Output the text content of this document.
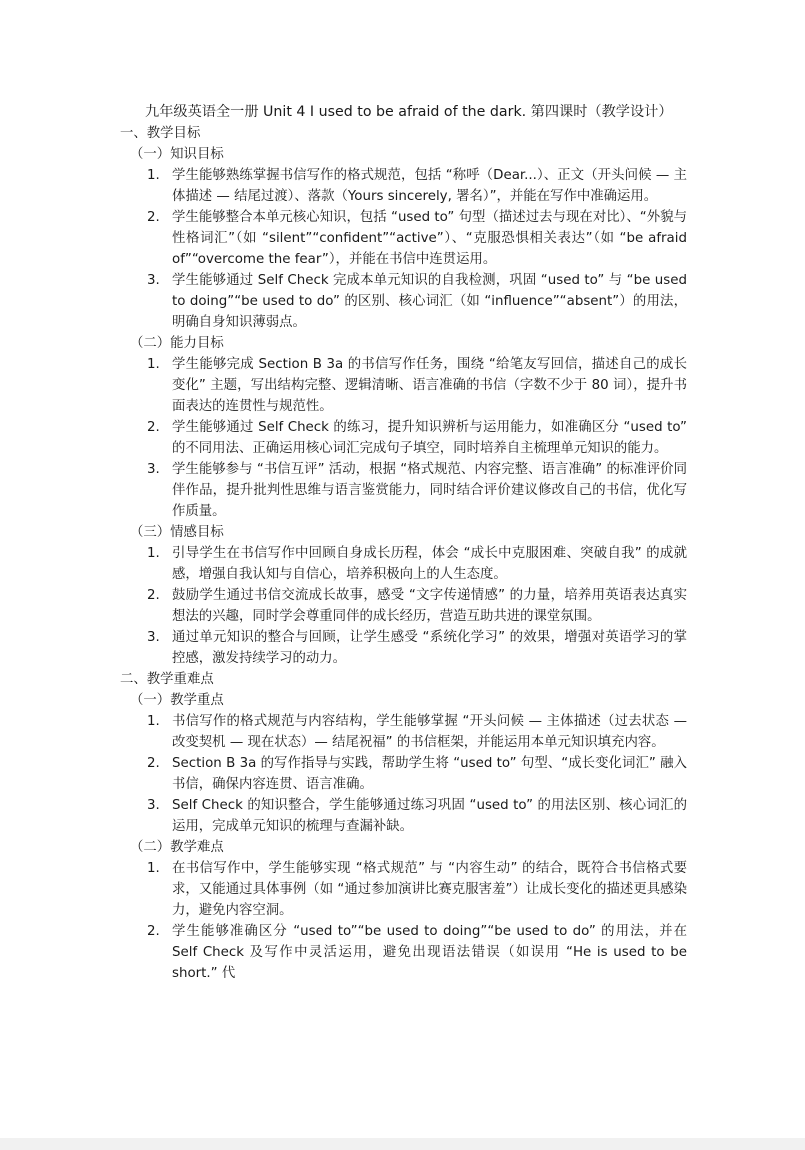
九年级英语全一册 Unit 4 I used to be afraid of the dark. 第四课时（教学设计）
一、教学目标
（一）知识目标
1. 学生能够熟练掌握书信写作的格式规范，包括 “称呼（Dear...）、正文（开头问候 — 主体描述 — 结尾过渡）、落款（Yours sincerely, 署名）”，并能在写作中准确运用。
2. 学生能够整合本单元核心知识，包括 “used to” 句型（描述过去与现在对比）、“外貌与性格词汇”（如 “silent”“confident”“active”）、“克服恐惧相关表达”（如 “be afraid of”“overcome the fear”），并能在书信中连贯运用。
3. 学生能够通过 Self Check 完成本单元知识的自我检测，巩固 “used to” 与 “be used to doing”“be used to do” 的区别、核心词汇（如 “influence”“absent”）的用法，明确自身知识薄弱点。
（二）能力目标
1. 学生能够完成 Section B 3a 的书信写作任务，围绕 “给笔友写回信，描述自己的成长变化” 主题，写出结构完整、逻辑清晰、语言准确的书信（字数不少于 80 词），提升书面表达的连贯性与规范性。
2. 学生能够通过 Self Check 的练习，提升知识辨析与运用能力，如准确区分 “used to” 的不同用法、正确运用核心词汇完成句子填空，同时培养自主梳理单元知识的能力。
3. 学生能够参与 “书信互评” 活动，根据 “格式规范、内容完整、语言准确” 的标准评价同伴作品，提升批判性思维与语言鉴赏能力，同时结合评价建议修改自己的书信，优化写作质量。
（三）情感目标
1. 引导学生在书信写作中回顾自身成长历程，体会 “成长中克服困难、突破自我” 的成就感，增强自我认知与自信心，培养积极向上的人生态度。
2. 鼓励学生通过书信交流成长故事，感受 “文字传递情感” 的力量，培养用英语表达真实想法的兴趣，同时学会尊重同伴的成长经历，营造互助共进的课堂氛围。
3. 通过单元知识的整合与回顾，让学生感受 “系统化学习” 的效果，增强对英语学习的掌控感，激发持续学习的动力。
二、教学重难点
（一）教学重点
1. 书信写作的格式规范与内容结构，学生能够掌握 “开头问候 — 主体描述（过去状态 — 改变契机 — 现在状态）— 结尾祝福” 的书信框架，并能运用本单元知识填充内容。
2. Section B 3a 的写作指导与实践，帮助学生将 “used to” 句型、“成长变化词汇” 融入书信，确保内容连贯、语言准确。
3. Self Check 的知识整合，学生能够通过练习巩固 “used to” 的用法区别、核心词汇的运用，完成单元知识的梳理与查漏补缺。
（二）教学难点
1. 在书信写作中，学生能够实现 “格式规范” 与 “内容生动” 的结合，既符合书信格式要求，又能通过具体事例（如 “通过参加演讲比赛克服害羞”）让成长变化的描述更具感染力，避免内容空洞。
2. 学生能够准确区分 “used to”“be used to doing”“be used to do” 的用法，并在 Self Check 及写作中灵活运用，避免出现语法错误（如误用 “He is used to be short.” 代
